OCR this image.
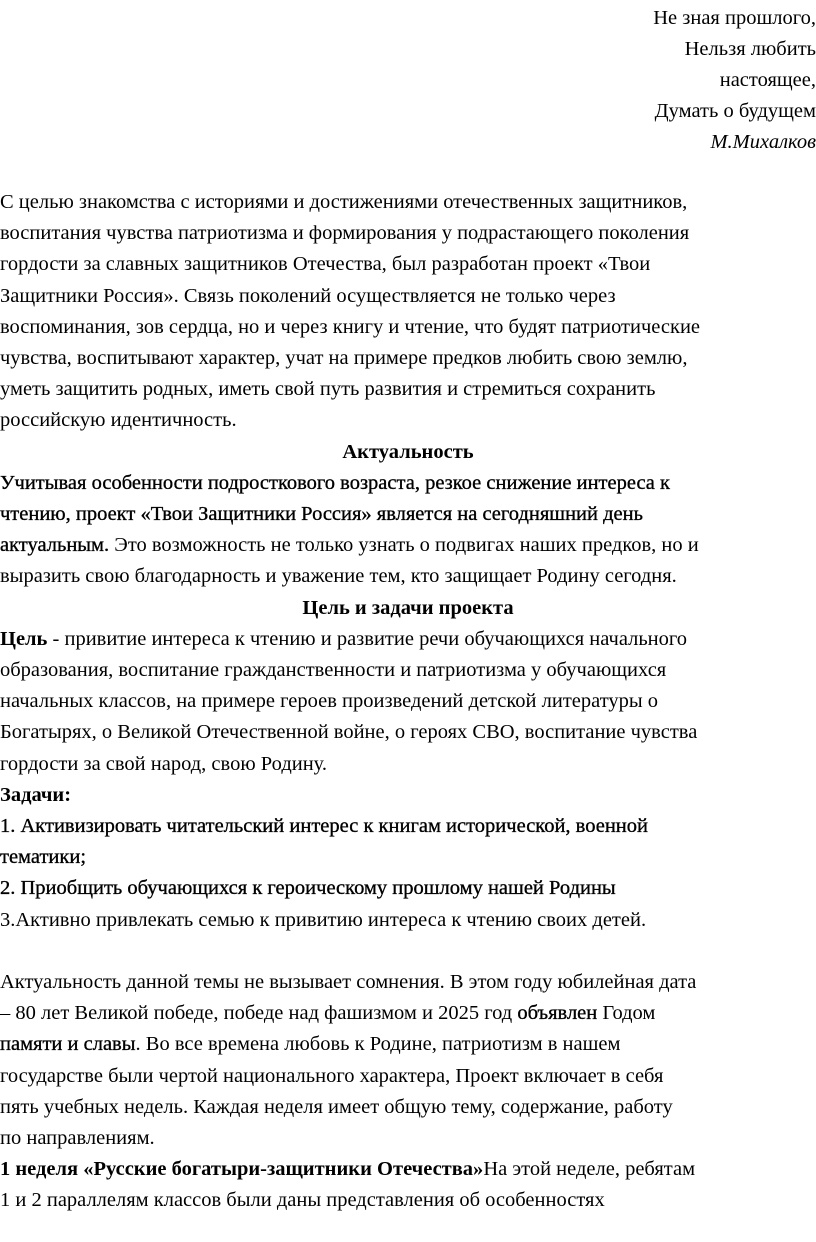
Не зная прошлого,
Нельзя любить
настоящее,
Думать о будущем
М.Михалков
С целью знакомства с историями и достижениями отечественных защитников,
воспитания чувства патриотизма и формирования у подрастающего поколения
гордости за славных защитников Отечества, был разработан проект «Твои
Защитники Россия». Связь поколений осуществляется не только через
воспоминания, зов сердца, но и через книгу и чтение, что будят патриотические
чувства, воспитывают характер, учат на примере предков любить свою землю,
уметь защитить родных, иметь свой путь развития и стремиться сохранить
российскую идентичность.
Актуальность
Учитывая особенности подросткового возраста, резкое снижение интереса к
чтению, проект «Твои Защитники Россия» является на сегодняшний день
актуальным. Это возможность не только узнать о подвигах наших предков, но и
выразить свою благодарность и уважение тем, кто защищает Родину сегодня.
Цель и задачи проекта
Цель - привитие интереса к чтению и развитие речи обучающихся начального
образования, воспитание гражданственности и патриотизма у обучающихся
начальных классов, на примере героев произведений детской литературы о
Богатырях, о Великой Отечественной войне, о героях СВО, воспитание чувства
гордости за свой народ, свою Родину.
Задачи:
1. Активизировать читательский интерес к книгам исторической, военной
тематики;
2. Приобщить обучающихся к героическому прошлому нашей Родины
3.Активно привлекать семью к привитию интереса к чтению своих детей.
Актуальность данной темы не вызывает сомнения. В этом году юбилейная дата
– 80 лет Великой победе, победе над фашизмом и 2025 год объявлен Годом
памяти и славы. Во все времена любовь к Родине, патриотизм в нашем
государстве были чертой национального характера, Проект включает в себя
пять учебных недель. Каждая неделя имеет общую тему, содержание, работу
по направлениям.
1 неделя «Русские богатыри-защитники Отечества»На этой неделе, ребятам
1 и 2 параллелям классов были даны представления об особенностях
